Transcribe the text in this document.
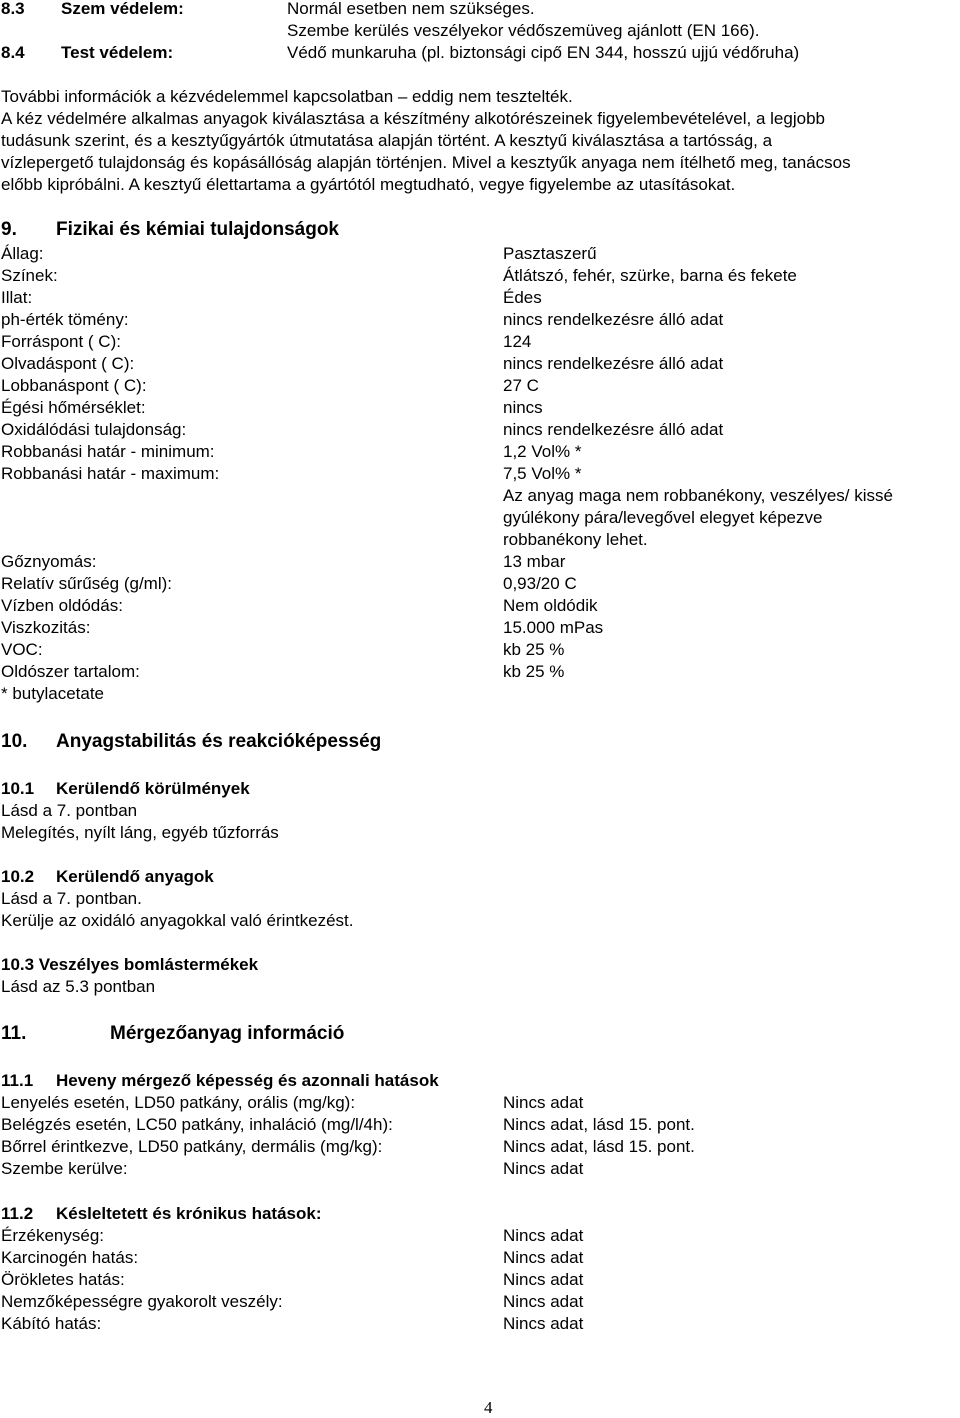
8.3 Szem védelem:	Normál esetben nem szükséges.
Szembe kerülés veszélyekor védőszemüveg ajánlott (EN 166).
8.4 Test védelem:	Védő munkaruha (pl. biztonsági cipő EN 344, hosszú ujjú védőruha)
További információk a kézvédelemmel kapcsolatban – eddig nem tesztelték.
A kéz védelmére alkalmas anyagok kiválasztása a készítmény alkotórészeinek figyelembevételével, a legjobb
tudásunk szerint, és a kesztyűgyártók útmutatása alapján történt. A kesztyű kiválasztása a tartósság, a
vízlepergető tulajdonság és kopásállóság alapján történjen. Mivel a kesztyűk anyaga nem ítélhető meg, tanácsos
előbb kipróbálni. A kesztyű élettartama a gyártótól megtudható, vegye figyelembe az utasításokat.
9. Fizikai és kémiai tulajdonságok
Állag:	Pasztaszerű
Színek:	Átlátszó, fehér, szürke, barna és fekete
Illat:	Édes
ph-érték tömény:	nincs rendelkezésre álló adat
Forráspont ( C):	124
Olvadáspont ( C):	nincs rendelkezésre álló adat
Lobbanáspont ( C):	27 C
Égési hőmérséklet:	nincs
Oxidálódási tulajdonság:	nincs rendelkezésre álló adat
Robbanási határ - minimum:	1,2 Vol% *
Robbanási határ - maximum:	7,5 Vol% *
Az anyag maga nem robbanékony, veszélyes/ kissé
gyúlékony pára/levegővel elegyet képezve
robbanékony lehet.
Gőznyomás:	13 mbar
Relatív sűrűség (g/ml):	0,93/20 C
Vízben oldódás:	Nem oldódik
Viszkozitás:	15.000 mPas
VOC:	kb 25 %
Oldószer tartalom:	kb 25 %
* butylacetate
10. Anyagstabilitás és reakcióképesség
10.1 Kerülendő körülmények
Lásd a 7. pontban
Melegítés, nyílt láng, egyéb tűzforrás
10.2 Kerülendő anyagok
Lásd a 7. pontban.
Kerülje az oxidáló anyagokkal való érintkezést.
10.3 Veszélyes bomlástermékek
Lásd az 5.3 pontban
11.	Mérgezőanyag információ
11.1 Heveny mérgező képesség és azonnali hatások
Lenyelés esetén, LD50 patkány, orális (mg/kg):	Nincs adat
Belégzés esetén, LC50 patkány, inhaláció (mg/l/4h):	Nincs adat, lásd 15. pont.
Bőrrel érintkezve, LD50 patkány, dermális (mg/kg):	Nincs adat, lásd 15. pont.
Szembe kerülve:	Nincs adat
11.2 Késleltetett és krónikus hatások:
Érzékenység:	Nincs adat
Karcinogén hatás:	Nincs adat
Örökletes hatás:	Nincs adat
Nemzőképességre gyakorolt veszély:	Nincs adat
Kábító hatás:	Nincs adat
4
